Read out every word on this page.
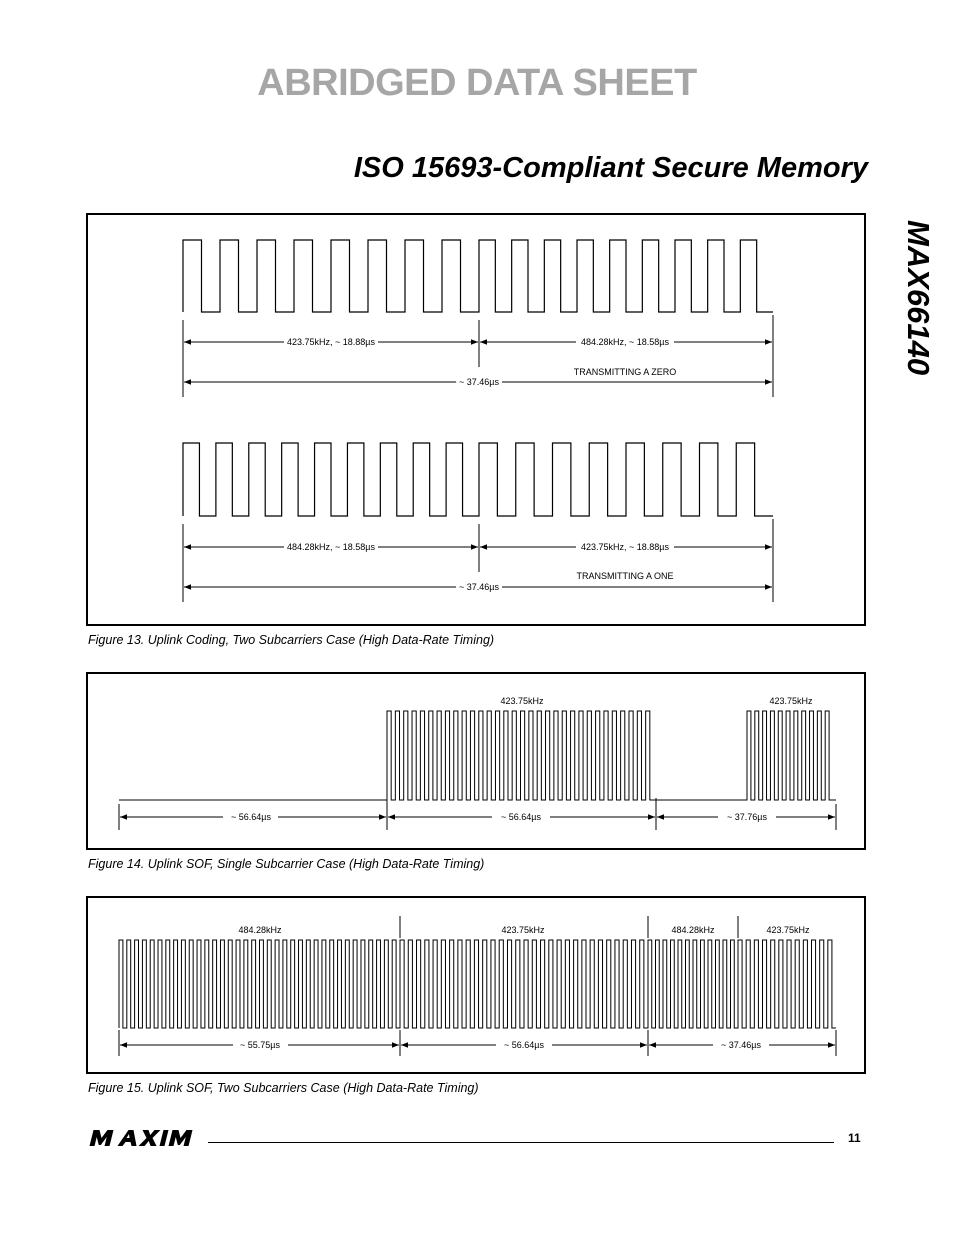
ABRIDGED DATA SHEET
ISO 15693-Compliant Secure Memory
MAX66140
423.75kHz, ~ 18.88µs	484.28kHz, ~ 18.58µs
TRANSMITTING A ZERO
~ 37.46µs
484.28kHz, ~ 18.58µs	423.75kHz, ~ 18.88µs
TRANSMITTING A ONE
~ 37.46µs
Figure 13. Uplink Coding, Two Subcarriers Case (High Data-Rate Timing)
423.75kHz	423.75kHz
~ 56.64µs	~ 56.64µs	~ 37.76µs
Figure 14. Uplink SOF, Single Subcarrier Case (High Data-Rate Timing)
484.28kHz	423.75kHz	484.28kHz	423.75kHz
~ 55.75µs	~ 56.64µs	~ 37.46µs
Figure 15. Uplink SOF, Two Subcarriers Case (High Data-Rate Timing)
11
